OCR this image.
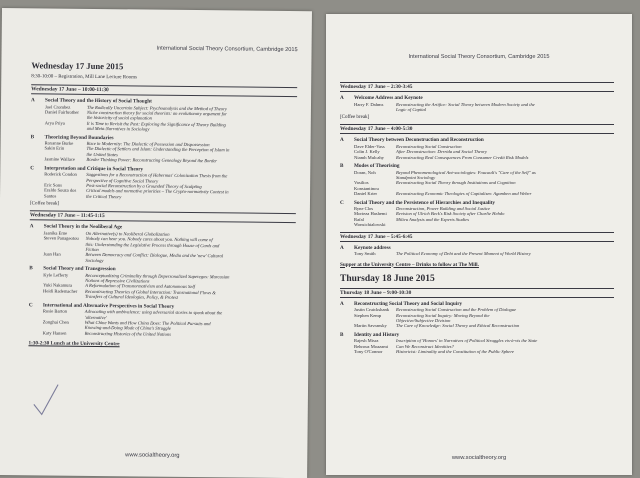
International Social Theory Consortium, Cambridge 2015
Wednesday 17 June 2015
8:30-10:00 – Registration, Mill Lane Lecture Rooms
Wednesday 17 June – 10:00-11:30
A	Social Theory and the History of Social Thought
Joel Crombez	The Radically Uncertain Subject: Psychoanalysis and the Method of Theory
Daniel Fairbrother	Niche construction theory for social theorists: an evolutionary argument for
the historicity of social explanation
Arya Priya	It is Time to Revisit the Past: Exploring the Significance of Theory Building
and Meta-Narratives in Sociology
B	Theorizing Beyond Boundaries
Roxanne Burke	Race in Modernity: The Dialectic of Possession and Dispossession
Sakin Erin	The Dialectic of Settlers and Islam: Understanding the Perception of Islam in
the United States
Jasmine Wallace	Border Thinking Power: Reconstructing Genealogy Beyond the Border
C	Interpretation and Critique in Social Theory
Roderick Condon	Suggestions for a Reconstruction of Habermas' Colonization Thesis from the
Perspective of Cognitive Social Theory
Eric Sons	Post-social Reconstruction by a Grounded Theory of Sculpting
Eraldo Souza dos	Critical models and normative priorities – The Crypto-normativity Contest in
Santos	the Critical Theory
[Coffee break]
Wednesday 17 June – 11:45-1:15
A	Social Theory in the Neoliberal Age
Jaanika Erne	On Alternative(s) to Neoliberal Globalization
Steven Panageotou	Nobody can hear you. Nobody cares about you. Nothing will come of
this: Understanding the Legislative Process through House of Cards and
Fiction
Juan Han	Between Democracy and Conflict: Dialogue, Media and the 'new' Cultural
Sociology
B	Social Theory and Transgression
Kyle Lefferty	Reconceptualizing Criminality through Depersonalized Superegos: Marcusian
Notions of Repressive Civilizations
Yuki Nakamura	A Reformulation of Transnormativism and Autonomous Self
Heidi Rademacher	Reconstructing Theories of Global Interaction: Transnational Flows &
Transfers of Cultural Ideologies, Policy, & Protest
C	International and Alternative Perspectives in Social Theory
Rosie Barton	Advocating with ambivalence: using adversarial stories to speak about the
'alternative'
Zonghai Chen	What Chine Wants and How China Does: The Political Pursuits and
Knowing-and-Doing Mode of China's Struggle
Katy Hansen	Reconstructing Histories of the United Nations
1:30-2:30 Lunch at the University Centre
www.socialtheory.org
International Social Theory Consortium, Cambridge 2015
Wednesday 17 June – 2:30-3:45
A	Welcome Address and Keynote
Harry F. Dahms	Reconstructing the Artifice: Social Theory between Modern Society and the
Logic of Capital
[Coffee break]
Wednesday 17 June – 4:00-5:30
A	Social Theory between Deconstruction and Reconstruction
Dave Elder-Vass	Reconstructing Social Construction
Colin J. Kelly	After Deconstruction: Derrida and Social Theory
Niamh Mulcahy	Reconstructing Real Consequences From Consumer Credit Risk Models
B	Modes of Theorising
Doran, Noh	Beyond Phenomenological Ant-sociologies: Foucault's "Care of the Self" as
Standpoint Sociology
Vasilios	Reconstructing Social Theory through Institutions and Cognition
Konstantinou
Daniel Krier	Reconstructing Economic Theologies of Capitalism: Agamben and Weber
C	Social Theory and the Persistence of Hierarchies and Inequality
Ryne Clos	Deconstruction, Power Building and Social Justice
Morteza Hashemi	Revision of Ulrich Beck's Risk Society after Charlie Hebdo
Rafal	Milieu Analysis and the Experts Studies
Wonsichialowski
Wednesday 17 June – 5:45-6:45
A	Keynote address
Tony Smith	The Political Economy of Debt and the Present Moment of World History
Supper at the University Centre – Drinks to follow at The Mill.
Thursday 18 June 2015
Thursday 18 June – 9:00-10:30
A	Reconstructing Social Theory and Social Inquiry
Justin Cruickshank	Reconstructing Social Construction and the Problem of Dialogue
Stephen Kemp	Reconstructing Social Inquiry: Moving Beyond the
Objective/Subjective Division
Martin Savransky	The Care of Knowledge: Social Theory and Ethical Reconstruction
B	Identity and History
Rajesh Misra	Inscription of 'Honors' in Narratives of Political Struggles vis-à-vis the State
Behrouz Moazami	Can We Reconstruct Identities?
Tony O'Connor	Historicist: Liminality and the Constitution of the Public Sphere
www.socialtheory.org
